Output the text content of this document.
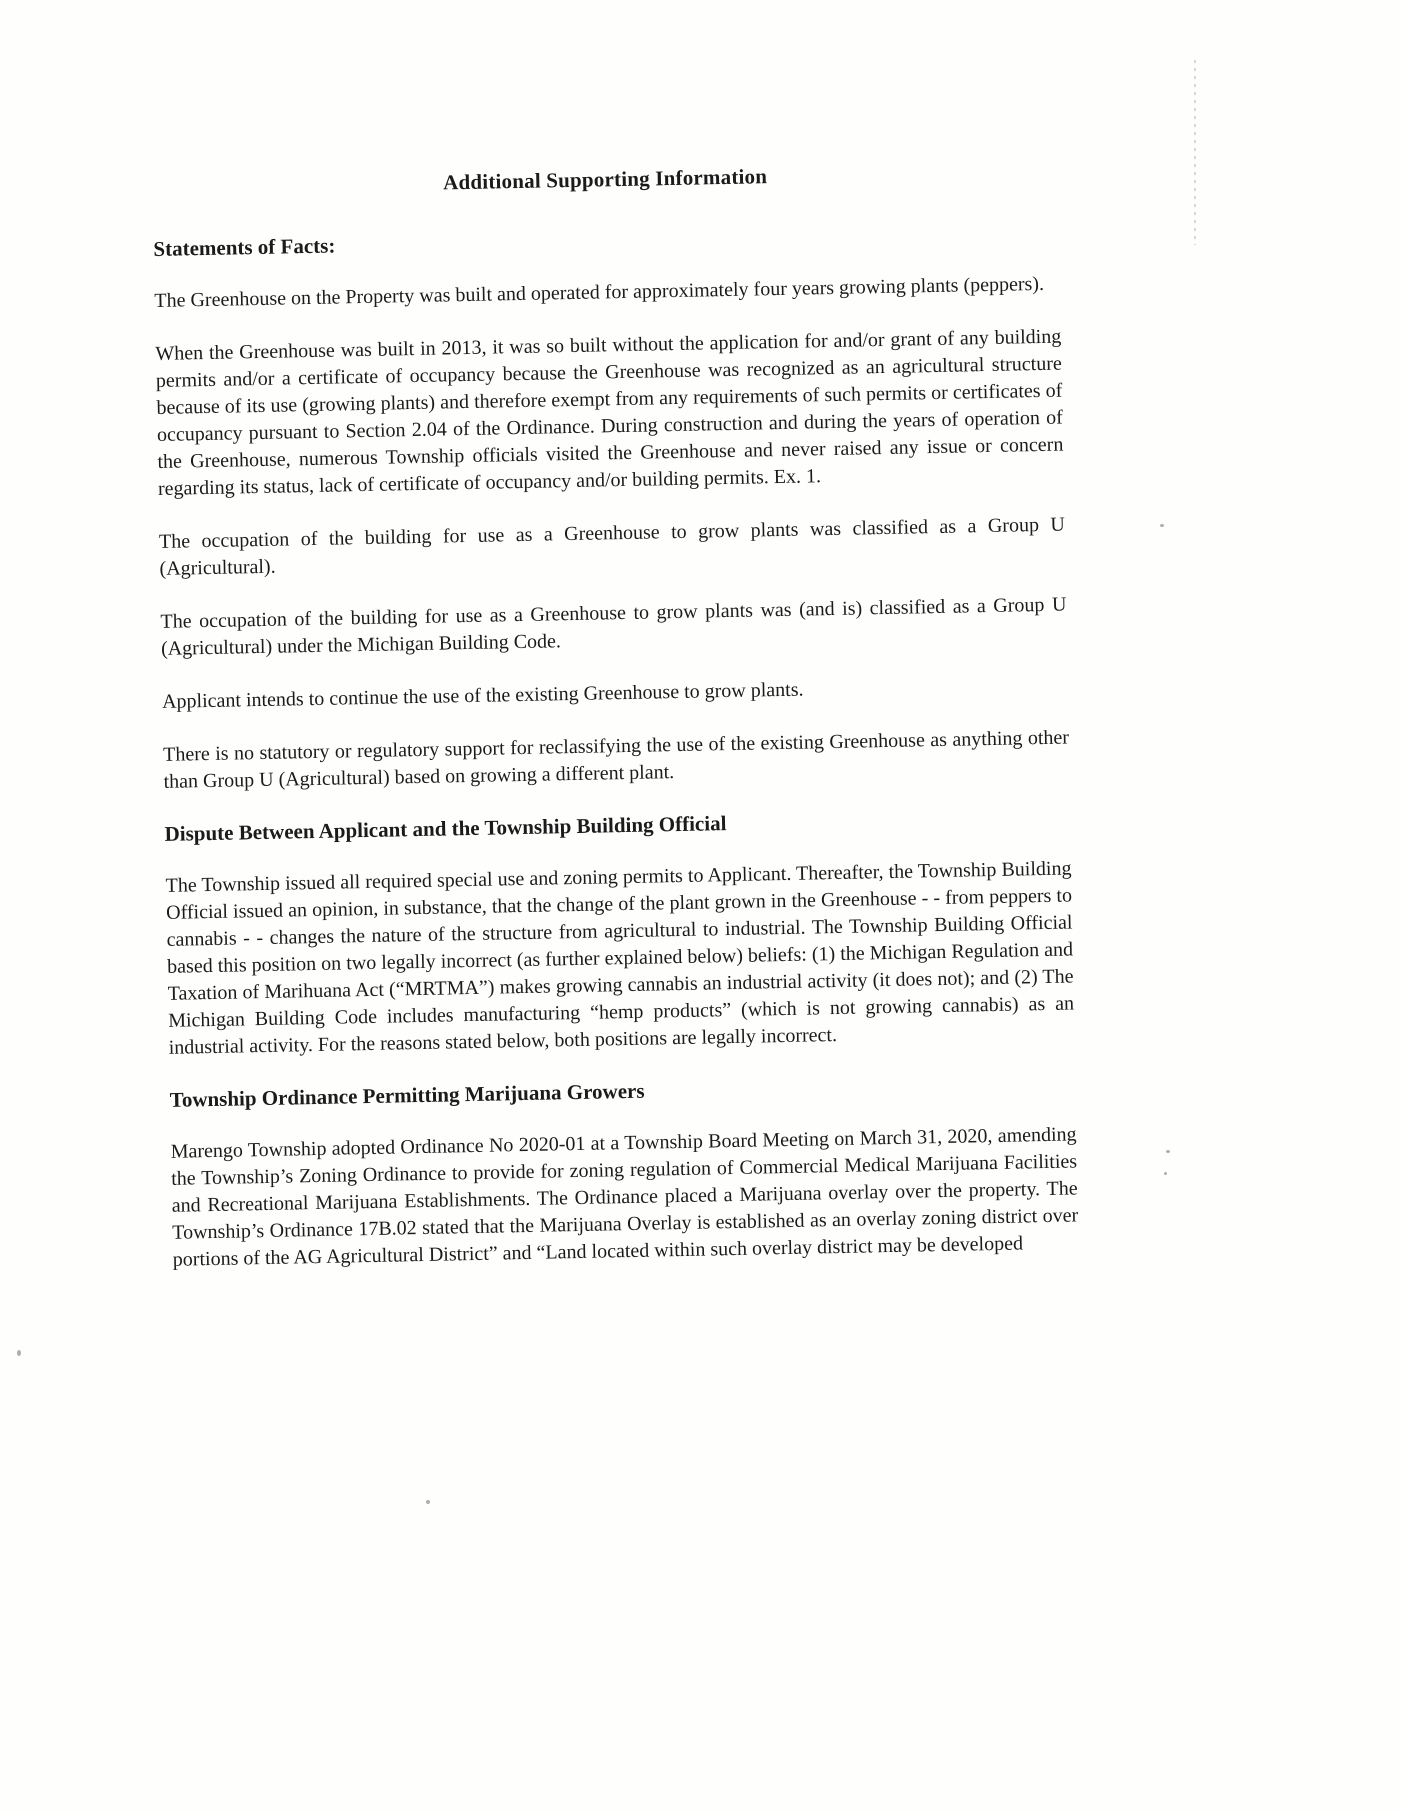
Additional Supporting Information
Statements of Facts:

The Greenhouse on the Property was built and operated for approximately four years growing plants (peppers).

When the Greenhouse was built in 2013, it was so built without the application for and/or grant of any building permits and/or a certificate of occupancy because the Greenhouse was recognized as an agricultural structure because of its use (growing plants) and therefore exempt from any requirements of such permits or certificates of occupancy pursuant to Section 2.04 of the Ordinance. During construction and during the years of operation of the Greenhouse, numerous Township officials visited the Greenhouse and never raised any issue or concern regarding its status, lack of certificate of occupancy and/or building permits. Ex. 1.

The occupation of the building for use as a Greenhouse to grow plants was classified as a Group U (Agricultural).

The occupation of the building for use as a Greenhouse to grow plants was (and is) classified as a Group U (Agricultural) under the Michigan Building Code.

Applicant intends to continue the use of the existing Greenhouse to grow plants.

There is no statutory or regulatory support for reclassifying the use of the existing Greenhouse as anything other than Group U (Agricultural) based on growing a different plant.

Dispute Between Applicant and the Township Building Official

The Township issued all required special use and zoning permits to Applicant. Thereafter, the Township Building Official issued an opinion, in substance, that the change of the plant grown in the Greenhouse - - from peppers to cannabis - - changes the nature of the structure from agricultural to industrial. The Township Building Official based this position on two legally incorrect (as further explained below) beliefs: (1) the Michigan Regulation and Taxation of Marihuana Act (“MRTMA”) makes growing cannabis an industrial activity (it does not); and (2) The Michigan Building Code includes manufacturing “hemp products” (which is not growing cannabis) as an industrial activity. For the reasons stated below, both positions are legally incorrect.

Township Ordinance Permitting Marijuana Growers

Marengo Township adopted Ordinance No 2020-01 at a Township Board Meeting on March 31, 2020, amending the Township’s Zoning Ordinance to provide for zoning regulation of Commercial Medical Marijuana Facilities and Recreational Marijuana Establishments. The Ordinance placed a Marijuana overlay over the property. The Township’s Ordinance 17B.02 stated that the Marijuana Overlay is established as an overlay zoning district over portions of the AG Agricultural District” and “Land located within such overlay district may be developed
